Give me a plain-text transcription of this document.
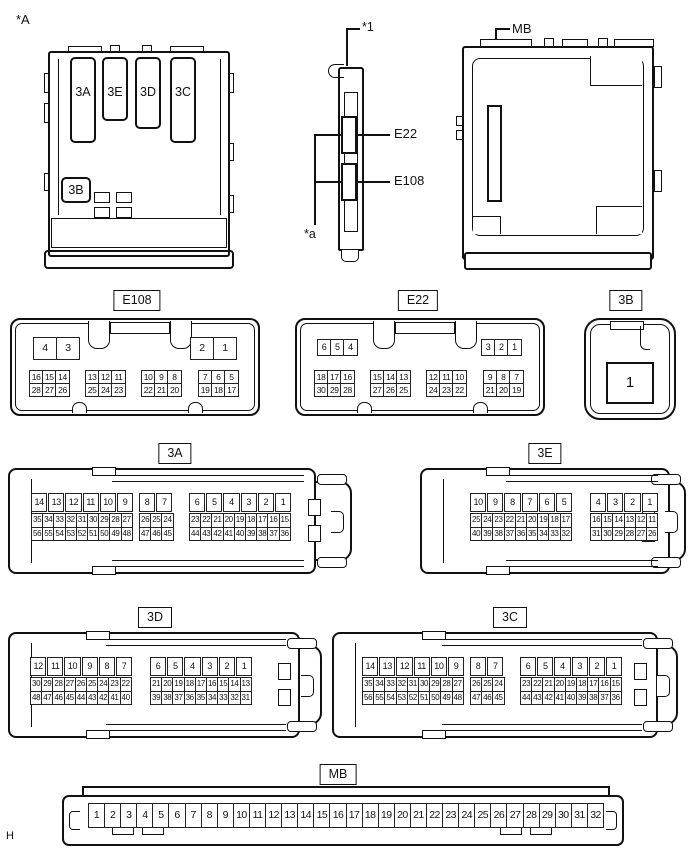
*A
3A	3E	3D	3C
3B
*1
E22
E108
*a
MB
E108
4 3	2 1
16 15 14
28 27 26
13 12 11
25 24 23
10 9 8
22 21 20
7 6 5
19 18 17
E22
6 5 4	3 2 1
18 17 16
30 29 28
15 14 13
27 26 25
12 11 10
24 23 22
9 8 7
21 20 19
3B
1
3A
14 13 12 11 10 9
35 34 33 32 31 30 29 28 27
56 55 54 53 52 51 50 49 48
8 7
26 25 24
47 46 45
6 5 4 3 2 1
23 22 21 20 19 18 17 16 15
44 43 42 41 40 39 38 37 36
3E
10 9 8 7 6 5
25 24 23 22 21 20 19 18 17
40 39 38 37 36 35 34 33 32
4 3 2 1
16 15 14 13 12 11
31 30 29 28 27 26
3D
12 11 10 9 8 7
30 29 28 27 26 25 24 23 22
48 47 46 45 44 43 42 41 40
6 5 4 3 2 1
21 20 19 18 17 16 15 14 13
39 38 37 36 35 34 33 32 31
3C
14 13 12 11 10 9
35 34 33 32 31 30 29 28 27
56 55 54 53 52 51 50 49 48
8 7
26 25 24
47 46 45
6 5 4 3 2 1
23 22 21 20 19 18 17 16 15
44 43 42 41 40 39 38 37 36
MB
1 2 3 4 5 6 7 8 9 10 11 12 13 14 15 16 17 18 19 20 21 22 23 24 25 26 27 28 29 30 31 32
H
